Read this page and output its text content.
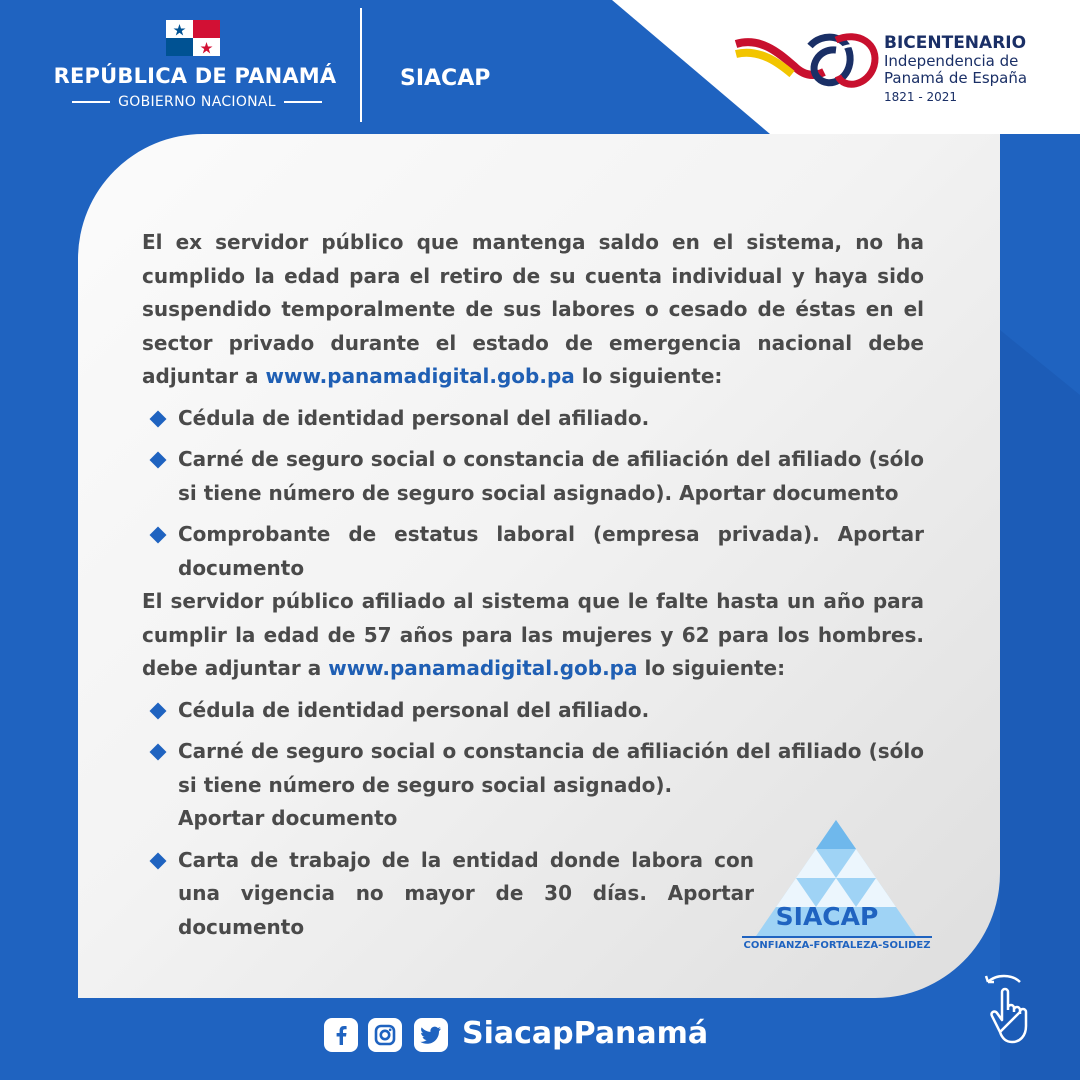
REPÚBLICA DE PANAMÁ
GOBIERNO NACIONAL
SIACAP
BICENTENARIO
Independencia de
Panamá de España
1821 - 2021

El ex servidor público que mantenga saldo en el sistema, no ha cumplido la edad para el retiro de su cuenta individual y haya sido suspendido temporalmente de sus labores o cesado de éstas en el sector privado durante el estado de emergencia nacional debe adjuntar a www.panamadigital.gob.pa lo siguiente:

Cédula de identidad personal del afiliado.
Carné de seguro social o constancia de afiliación del afiliado (sólo si tiene número de seguro social asignado). Aportar documento
Comprobante de estatus laboral (empresa privada). Aportar documento

El servidor público afiliado al sistema que le falte hasta un año para cumplir la edad de 57 años para las mujeres y 62 para los hombres. debe adjuntar a www.panamadigital.gob.pa lo siguiente:

Cédula de identidad personal del afiliado.
Carné de seguro social o constancia de afiliación del afiliado (sólo si tiene número de seguro social asignado).
Aportar documento
Carta de trabajo de la entidad donde labora con una vigencia no mayor de 30 días. Aportar documento	SIACAP
CONFIANZA-FORTALEZA-SOLIDEZ
SiacapPanamá
